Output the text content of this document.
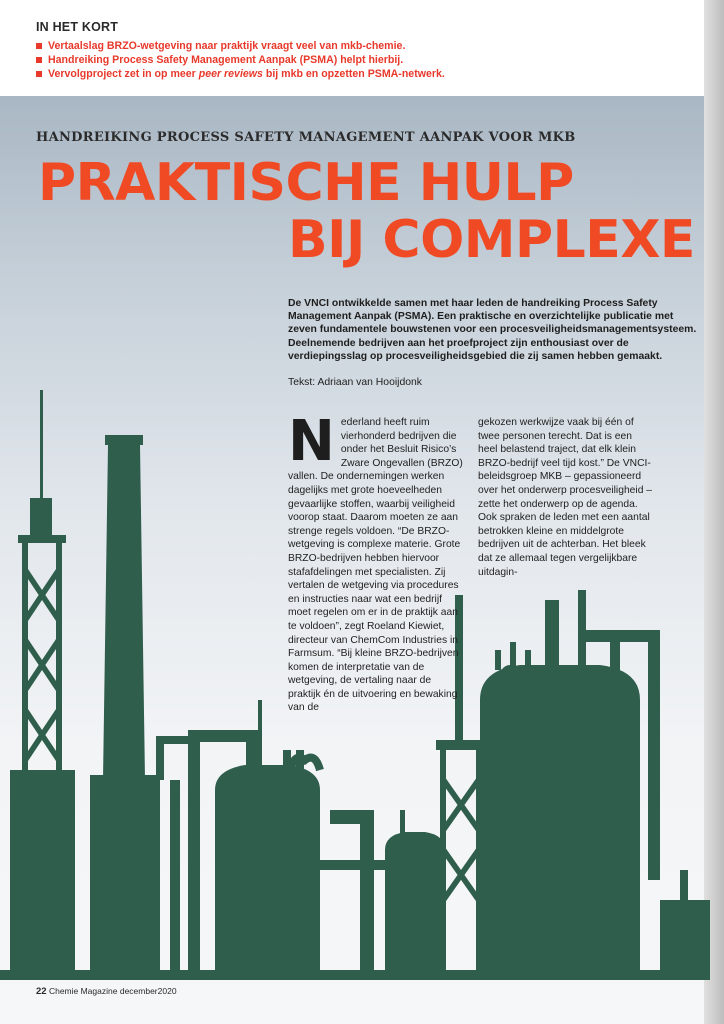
IN HET KORT
Vertaalslag BRZO-wetgeving naar praktijk vraagt veel van mkb-chemie.
Handreiking Process Safety Management Aanpak (PSMA) helpt hierbij.
Vervolgproject zet in op meer peer reviews bij mkb en opzetten PSMA-netwerk.
HANDREIKING PROCESS SAFETY MANAGEMENT AANPAK VOOR MKB
PRAKTISCHE HULP
BIJ COMPLEXE
De VNCI ontwikkelde samen met haar leden de handreiking Process Safety Management Aanpak (PSMA). Een praktische en overzichtelijke publicatie met zeven fundamentele bouwstenen voor een procesveiligheidsmanagementsysteem. Deelnemende bedrijven aan het proefproject zijn enthousiast over de verdiepingsslag op procesveiligheidsgebied die zij samen hebben gemaakt.
Tekst: Adriaan van Hooijdonk
N ederland heeft ruim vierhonderd bedrijven die onder het Besluit Risico’s Zware Ongevallen (BRZO) vallen. De ondernemingen werken dagelijks met grote hoeveelheden gevaarlijke stoffen, waarbij veiligheid voorop staat. Daarom moeten ze aan strenge regels voldoen. “De BRZO-wetgeving is complexe materie. Grote BRZO-bedrijven hebben hiervoor stafafdelingen met specialisten. Zij vertalen de wetgeving via procedures en instructies naar wat een bedrijf moet regelen om er in de praktijk aan te voldoen”, zegt Roeland Kiewiet, directeur van ChemCom Industries in Farmsum. “Bij kleine BRZO-bedrijven komen de interpretatie van de wetgeving, de vertaling naar de praktijk én de uitvoering en bewaking van de

gekozen werkwijze vaak bij één of twee personen terecht. Dat is een heel belastend traject, dat elk klein BRZO-bedrijf veel tijd kost.” De VNCI-beleidsgroep MKB – gepassioneerd over het onderwerp procesveiligheid – zette het onderwerp op de agenda. Ook spraken de leden met een aantal betrokken kleine en middelgrote bedrijven uit de achterban. Het bleek dat ze allemaal tegen vergelijkbare uitdagin-

22 Chemie Magazine december2020
